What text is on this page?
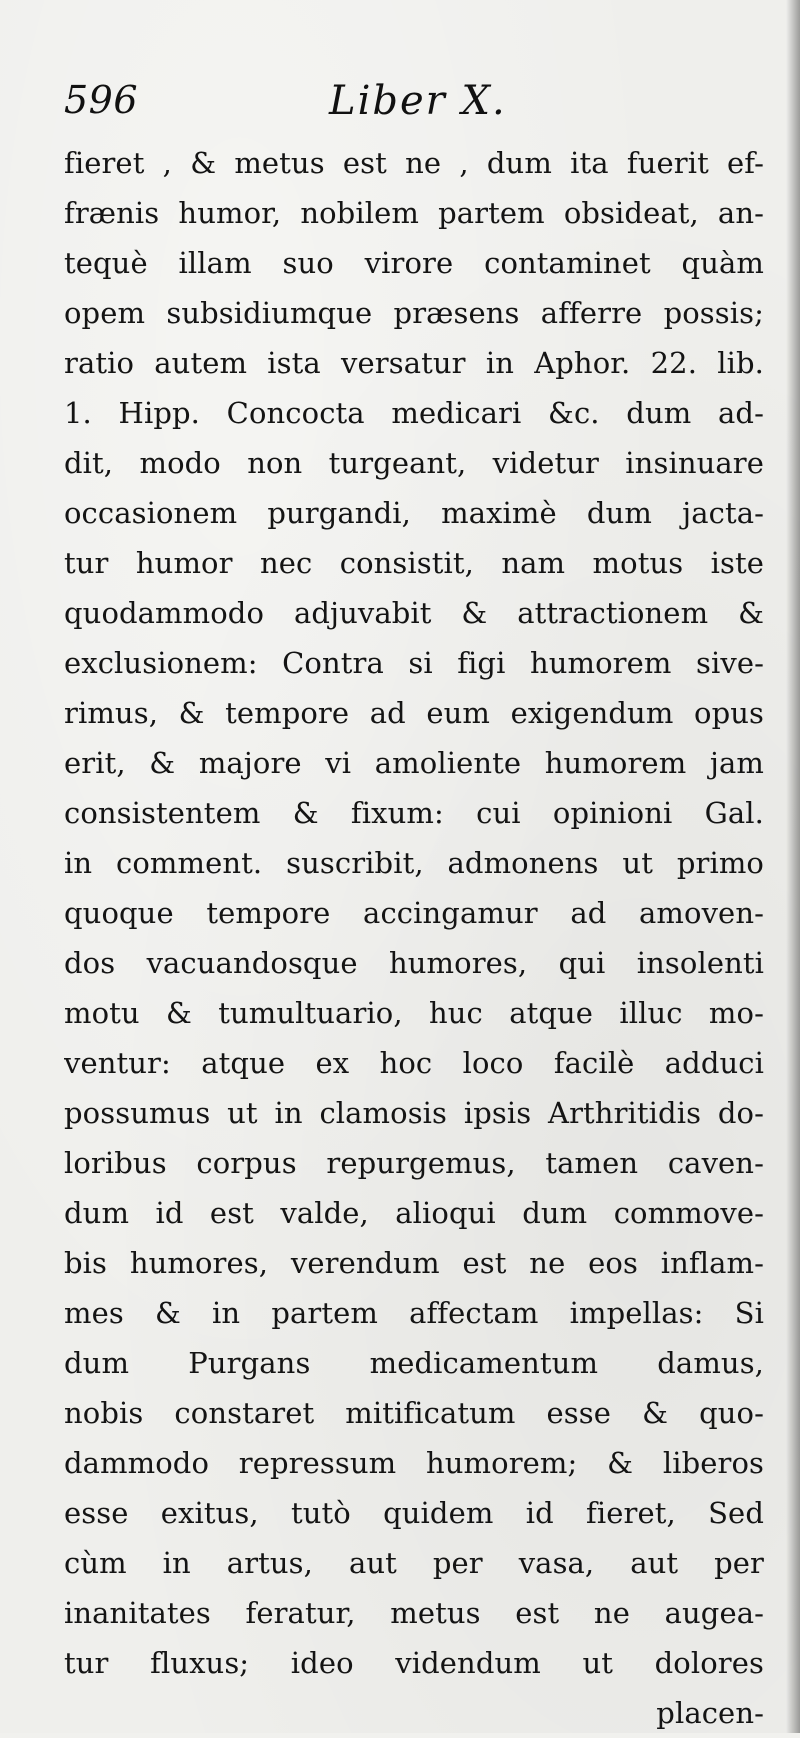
596	Liber X.
fieret , & metus est ne , dum ita fuerit ef-
frænis humor, nobilem partem obsideat, an-
tequè illam suo virore contaminet quàm
opem subsidiumque præsens afferre possis;
ratio autem ista versatur in Aphor. 22. lib.
1. Hipp. Concocta medicari &c. dum ad-
dit, modo non turgeant, videtur insinuare
occasionem purgandi, maximè dum jacta-
tur humor nec consistit, nam motus iste
quodammodo adjuvabit & attractionem &
exclusionem: Contra si figi humorem sive-
rimus, & tempore ad eum exigendum opus
erit, & majore vi amoliente humorem jam
consistentem & fixum: cui opinioni Gal.
in comment. suscribit, admonens ut primo
quoque tempore accingamur ad amoven-
dos vacuandosque humores, qui insolenti
motu & tumultuario, huc atque illuc mo-
ventur: atque ex hoc loco facilè adduci
possumus ut in clamosis ipsis Arthritidis do-
loribus corpus repurgemus, tamen caven-
dum id est valde, alioqui dum commove-
bis humores, verendum est ne eos inflam-
mes & in partem affectam impellas: Si
dum Purgans medicamentum damus,
nobis constaret mitificatum esse & quo-
dammodo repressum humorem; & liberos
esse exitus, tutò quidem id fieret, Sed
cùm in artus, aut per vasa, aut per
inanitates feratur, metus est ne augea-
tur fluxus; ideo videndum ut dolores
placen-
